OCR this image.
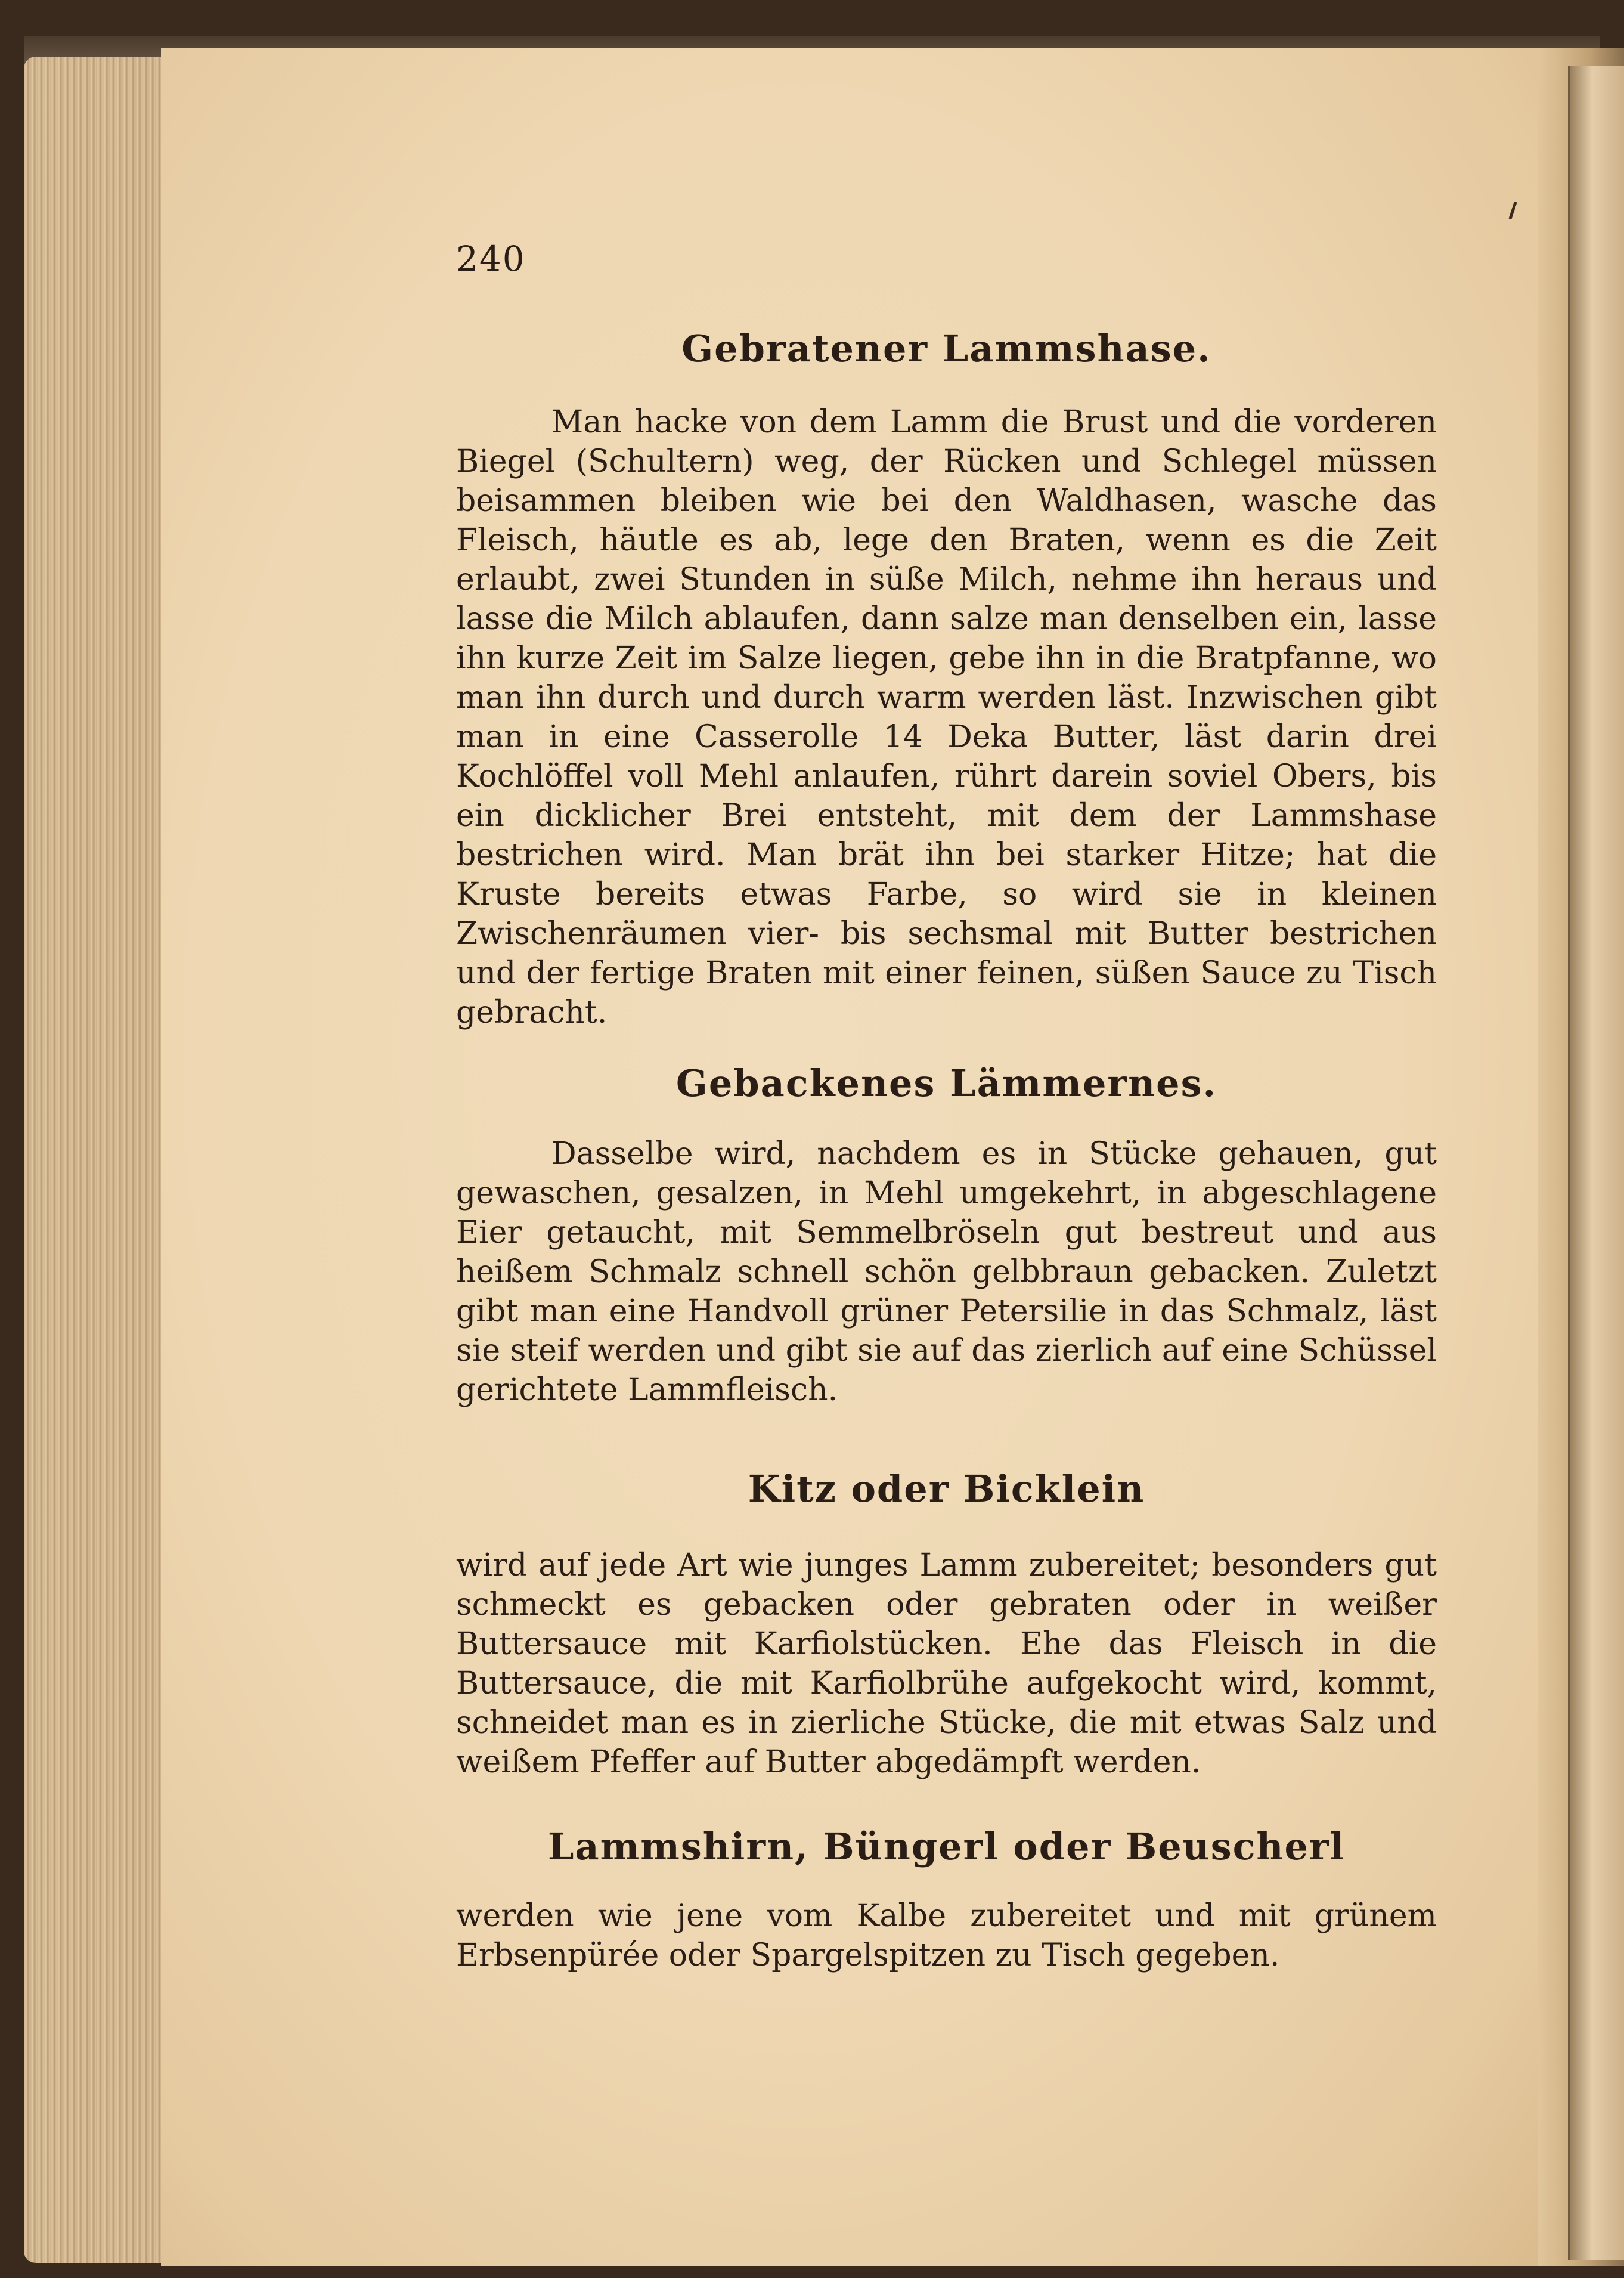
240
Gebratener Lammshase.

Man hacke von dem Lamm die Brust und die vorderen Biegel (Schultern) weg, der Rücken und Schlegel müssen beisammen bleiben wie bei den Waldhasen, wasche das Fleisch, häutle es ab, lege den Braten, wenn es die Zeit erlaubt, zwei Stunden in süße Milch, nehme ihn heraus und lasse die Milch ablaufen, dann salze man denselben ein, lasse ihn kurze Zeit im Salze liegen, gebe ihn in die Bratpfanne, wo man ihn durch und durch warm werden läst. Inzwischen gibt man in eine Casserolle 14 Deka Butter, läst darin drei Kochlöffel voll Mehl anlaufen, rührt darein soviel Obers, bis ein dicklicher Brei entsteht, mit dem der Lammshase bestrichen wird. Man brät ihn bei starker Hitze; hat die Kruste bereits etwas Farbe, so wird sie in kleinen Zwischenräumen vier- bis sechsmal mit Butter bestrichen und der fertige Braten mit einer feinen, süßen Sauce zu Tisch gebracht.

Gebackenes Lämmernes.

Dasselbe wird, nachdem es in Stücke gehauen, gut gewaschen, gesalzen, in Mehl umgekehrt, in abgeschlagene Eier getaucht, mit Semmelbröseln gut bestreut und aus heißem Schmalz schnell schön gelbbraun gebacken. Zuletzt gibt man eine Handvoll grüner Petersilie in das Schmalz, läst sie steif werden und gibt sie auf das zierlich auf eine Schüssel gerichtete Lammfleisch.

Kitz oder Bicklein

wird auf jede Art wie junges Lamm zubereitet; besonders gut schmeckt es gebacken oder gebraten oder in weißer Buttersauce mit Karfiolstücken. Ehe das Fleisch in die Buttersauce, die mit Karfiolbrühe aufgekocht wird, kommt, schneidet man es in zierliche Stücke, die mit etwas Salz und weißem Pfeffer auf Butter abgedämpft werden.

Lammshirn, Büngerl oder Beuscherl

werden wie jene vom Kalbe zubereitet und mit grünem Erbsenpürée oder Spargelspitzen zu Tisch gegeben.
